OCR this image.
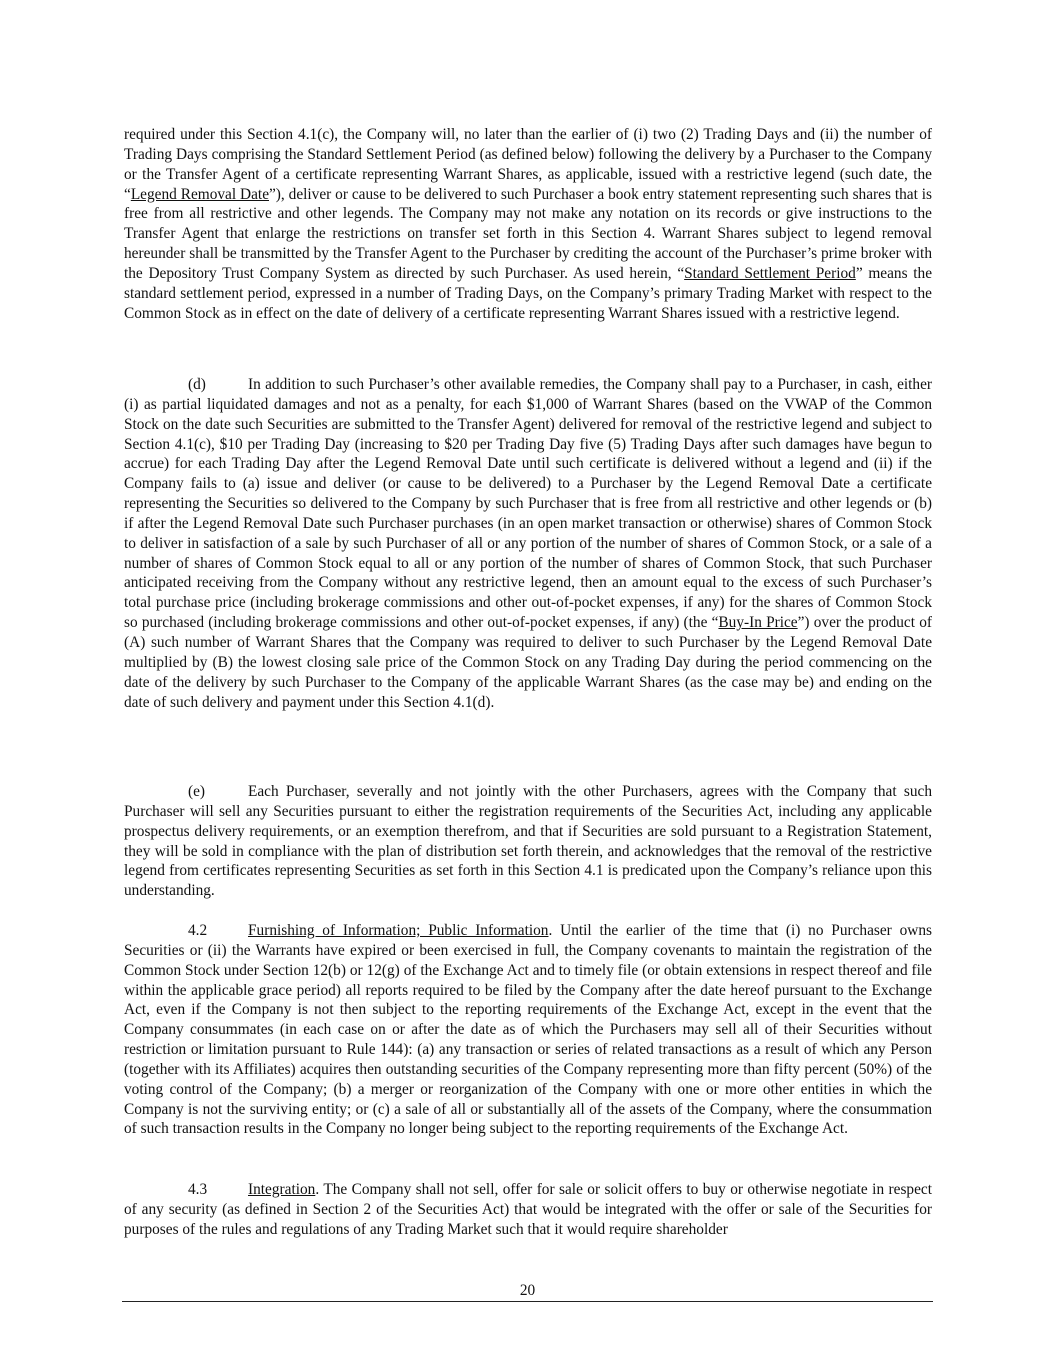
required under this Section 4.1(c), the Company will, no later than the earlier of (i) two (2) Trading Days and (ii) the number of Trading Days comprising the Standard Settlement Period (as defined below) following the delivery by a Purchaser to the Company or the Transfer Agent of a certificate representing Warrant Shares, as applicable, issued with a restrictive legend (such date, the “Legend Removal Date”), deliver or cause to be delivered to such Purchaser a book entry statement representing such shares that is free from all restrictive and other legends. The Company may not make any notation on its records or give instructions to the Transfer Agent that enlarge the restrictions on transfer set forth in this Section 4. Warrant Shares subject to legend removal hereunder shall be transmitted by the Transfer Agent to the Purchaser by crediting the account of the Purchaser’s prime broker with the Depository Trust Company System as directed by such Purchaser. As used herein, “Standard Settlement Period” means the standard settlement period, expressed in a number of Trading Days, on the Company’s primary Trading Market with respect to the Common Stock as in effect on the date of delivery of a certificate representing Warrant Shares issued with a restrictive legend.

(d)	In addition to such Purchaser’s other available remedies, the Company shall pay to a Purchaser, in cash, either (i) as partial liquidated damages and not as a penalty, for each $1,000 of Warrant Shares (based on the VWAP of the Common Stock on the date such Securities are submitted to the Transfer Agent) delivered for removal of the restrictive legend and subject to Section 4.1(c), $10 per Trading Day (increasing to $20 per Trading Day five (5) Trading Days after such damages have begun to accrue) for each Trading Day after the Legend Removal Date until such certificate is delivered without a legend and (ii) if the Company fails to (a) issue and deliver (or cause to be delivered) to a Purchaser by the Legend Removal Date a certificate representing the Securities so delivered to the Company by such Purchaser that is free from all restrictive and other legends or (b) if after the Legend Removal Date such Purchaser purchases (in an open market transaction or otherwise) shares of Common Stock to deliver in satisfaction of a sale by such Purchaser of all or any portion of the number of shares of Common Stock, or a sale of a number of shares of Common Stock equal to all or any portion of the number of shares of Common Stock, that such Purchaser anticipated receiving from the Company without any restrictive legend, then an amount equal to the excess of such Purchaser’s total purchase price (including brokerage commissions and other out-of-pocket expenses, if any) for the shares of Common Stock so purchased (including brokerage commissions and other out-of-pocket expenses, if any) (the “Buy-In Price”) over the product of (A) such number of Warrant Shares that the Company was required to deliver to such Purchaser by the Legend Removal Date multiplied by (B) the lowest closing sale price of the Common Stock on any Trading Day during the period commencing on the date of the delivery by such Purchaser to the Company of the applicable Warrant Shares (as the case may be) and ending on the date of such delivery and payment under this Section 4.1(d).

(e)	Each Purchaser, severally and not jointly with the other Purchasers, agrees with the Company that such Purchaser will sell any Securities pursuant to either the registration requirements of the Securities Act, including any applicable prospectus delivery requirements, or an exemption therefrom, and that if Securities are sold pursuant to a Registration Statement, they will be sold in compliance with the plan of distribution set forth therein, and acknowledges that the removal of the restrictive legend from certificates representing Securities as set forth in this Section 4.1 is predicated upon the Company’s reliance upon this understanding.

4.2	Furnishing of Information; Public Information. Until the earlier of the time that (i) no Purchaser owns Securities or (ii) the Warrants have expired or been exercised in full, the Company covenants to maintain the registration of the Common Stock under Section 12(b) or 12(g) of the Exchange Act and to timely file (or obtain extensions in respect thereof and file within the applicable grace period) all reports required to be filed by the Company after the date hereof pursuant to the Exchange Act, even if the Company is not then subject to the reporting requirements of the Exchange Act, except in the event that the Company consummates (in each case on or after the date as of which the Purchasers may sell all of their Securities without restriction or limitation pursuant to Rule 144): (a) any transaction or series of related transactions as a result of which any Person (together with its Affiliates) acquires then outstanding securities of the Company representing more than fifty percent (50%) of the voting control of the Company; (b) a merger or reorganization of the Company with one or more other entities in which the Company is not the surviving entity; or (c) a sale of all or substantially all of the assets of the Company, where the consummation of such transaction results in the Company no longer being subject to the reporting requirements of the Exchange Act.

4.3	Integration. The Company shall not sell, offer for sale or solicit offers to buy or otherwise negotiate in respect of any security (as defined in Section 2 of the Securities Act) that would be integrated with the offer or sale of the Securities for purposes of the rules and regulations of any Trading Market such that it would require shareholder

20
